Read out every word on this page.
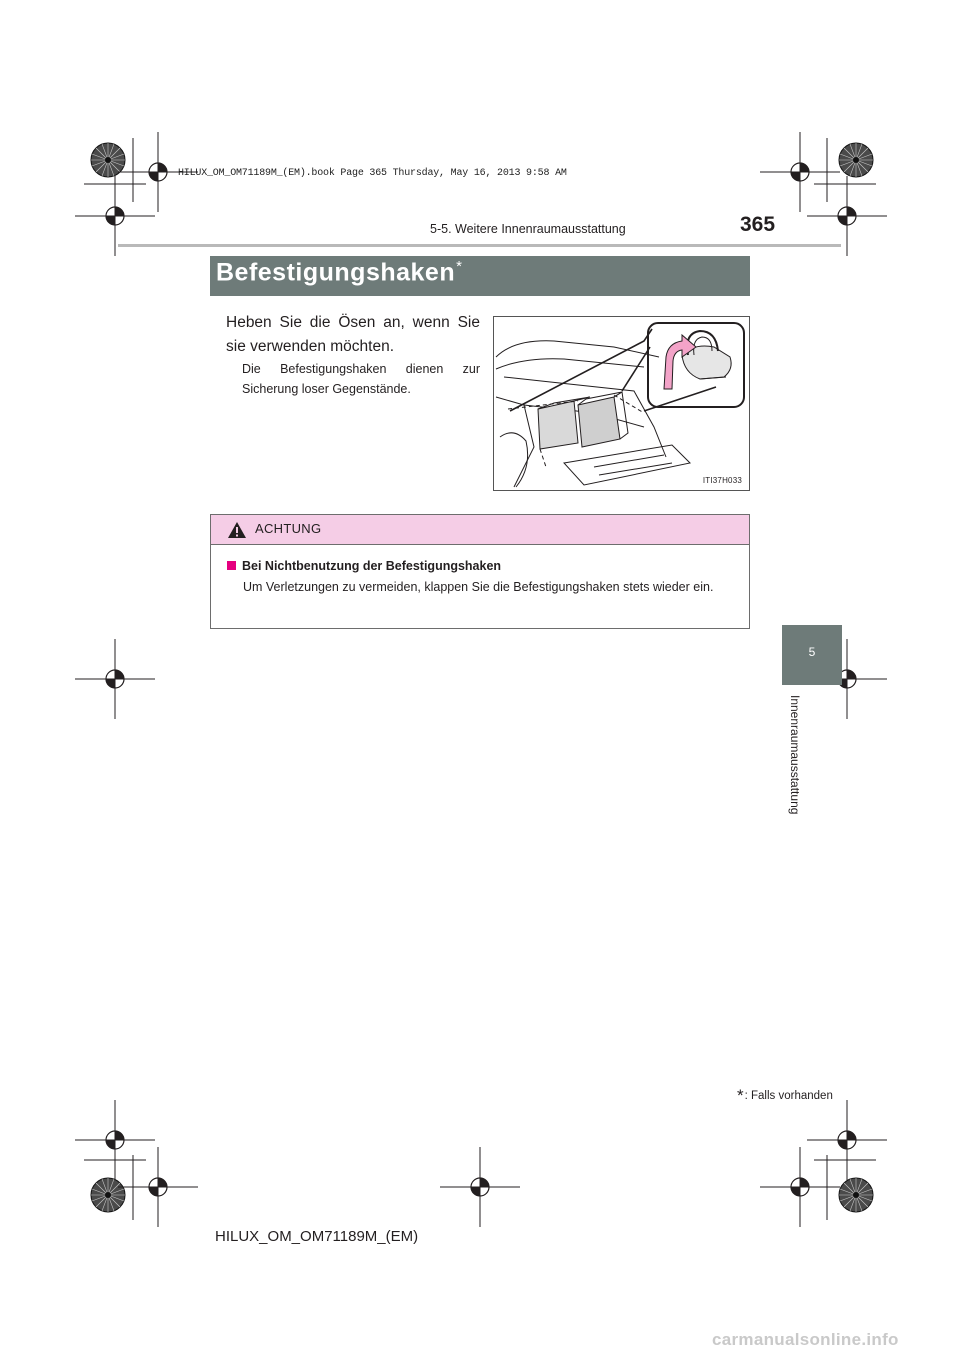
HILUX_OM_OM71189M_(EM).book Page 365 Thursday, May 16, 2013 9:58 AM
5-5. Weitere Innenraumausstattung	365
Befestigungshaken*
Heben Sie die Ösen an, wenn Sie sie verwenden möchten.
Die Befestigungshaken dienen zur Sicherung loser Gegenstände.
ITI37H033
ACHTUNG
Bei Nichtbenutzung der Befestigungshaken
Um Verletzungen zu vermeiden, klappen Sie die Befestigungshaken stets wieder ein.
5
Innenraumausstattung
*: Falls vorhanden
HILUX_OM_OM71189M_(EM)
carmanualsonline.info
